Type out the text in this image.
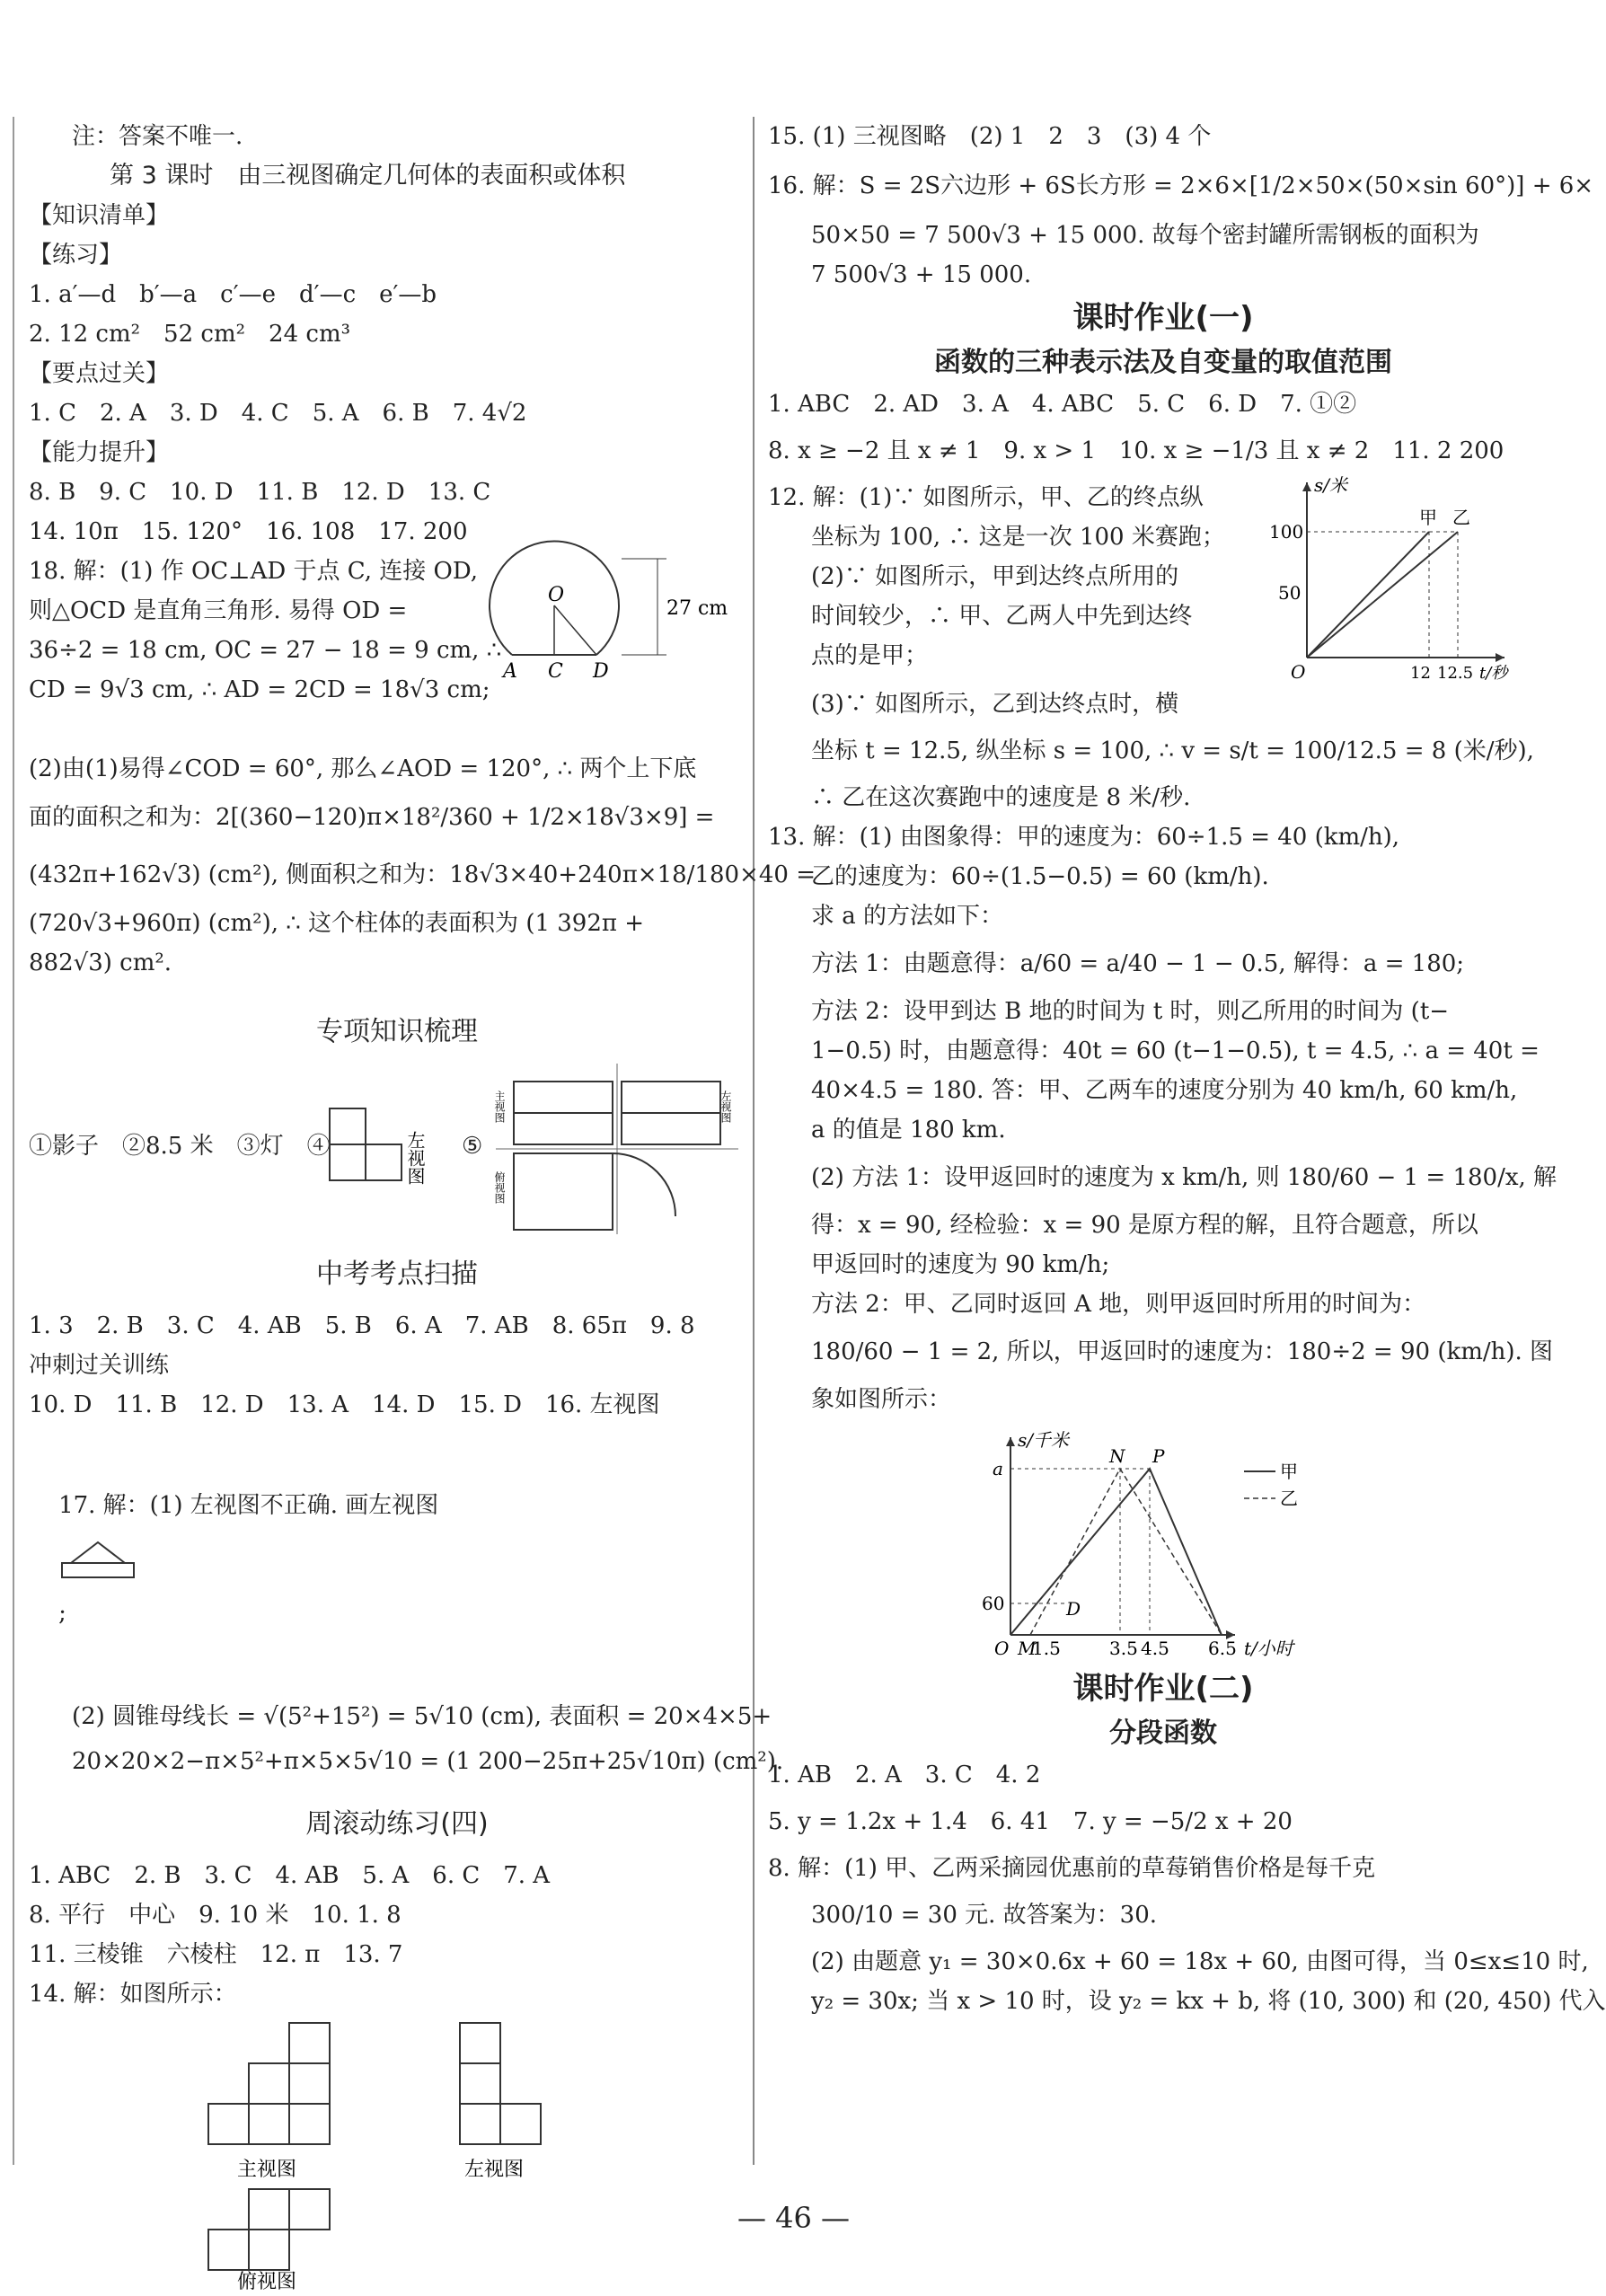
注：答案不唯一.
第 3 课时　由三视图确定几何体的表面积或体积
【知识清单】
【练习】
1. a′—d　b′—a　c′—e　d′—c　e′—b
2. 12 cm²　52 cm²　24 cm³
【要点过关】
1. C　2. A　3. D　4. C　5. A　6. B　7. 4√2
【能力提升】
8. B　9. C　10. D　11. B　12. D　13. C
14. 10π　15. 120°　16. 108　17. 200
18. 解：(1) 作 OC⊥AD 于点 C, 连接 OD,
则△OCD 是直角三角形. 易得 OD =
36÷2 = 18 cm, OC = 27 − 18 = 9 cm, ∴
CD = 9√3 cm, ∴ AD = 2CD = 18√3 cm;
O
A C D
27 cm
(2)由(1)易得∠COD = 60°, 那么∠AOD = 120°, ∴ 两个上下底
面的面积之和为：2[(360−120)π×18²/360 + 1/2×18√3×9] =
(432π+162√3) (cm²), 侧面积之和为：18√3×40+240π×18/180×40 =
(720√3+960π) (cm²), ∴ 这个柱体的表面积为 (1 392π +
882√3) cm².
专项知识梳理
①影子　②8.5 米　③灯　④	左视图 ⑤
主视图	左视图
俯视图
中考考点扫描
1. 3　2. B　3. C　4. AB　5. B　6. A　7. AB　8. 65π　9. 8
冲刺过关训练
10. D　11. B　12. D　13. A　14. D　15. D　16. 左视图

17. 解：(1) 左视图不正确. 画左视图

;

(2) 圆锥母线长 = √(5²+15²) = 5√10 (cm), 表面积 = 20×4×5+
20×20×2−π×5²+π×5×5√10 = (1 200−25π+25√10π) (cm²).
周滚动练习(四)
1. ABC　2. B　3. C　4. AB　5. A　6. C　7. A
8. 平行　中心　9. 10 米　10. 1. 8
11. 三棱锥　六棱柱　12. π　13. 7
14. 解：如图所示：
主视图	左视图
俯视图
15. (1) 三视图略　(2) 1　2　3　(3) 4 个
16. 解：S = 2S六边形 + 6S长方形 = 2×6×[1/2×50×(50×sin 60°)] + 6×
50×50 = 7 500√3 + 15 000. 故每个密封罐所需钢板的面积为
7 500√3 + 15 000.
课时作业(一)
函数的三种表示法及自变量的取值范围
1. ABC　2. AD　3. A　4. ABC　5. C　6. D　7. ①②
8. x ≥ −2 且 x ≠ 1　9. x > 1　10. x ≥ −1/3 且 x ≠ 2　11. 2 200
12. 解：(1)∵ 如图所示，甲、乙的终点纵
坐标为 100, ∴ 这是一次 100 米赛跑；
(2)∵ 如图所示，甲到达终点所用的
时间较少，∴ 甲、乙两人中先到达终
点的是甲；
s/米
100
50
O	12 12.5 t/秒
甲 乙
(3)∵ 如图所示，乙到达终点时，横
坐标 t = 12.5, 纵坐标 s = 100, ∴ v = s/t = 100/12.5 = 8 (米/秒),
∴ 乙在这次赛跑中的速度是 8 米/秒.
13. 解：(1) 由图象得：甲的速度为：60÷1.5 = 40 (km/h),
乙的速度为：60÷(1.5−0.5) = 60 (km/h).
求 a 的方法如下：
方法 1：由题意得：a/60 = a/40 − 1 − 0.5, 解得：a = 180;
方法 2：设甲到达 B 地的时间为 t 时，则乙所用的时间为 (t−
1−0.5) 时，由题意得：40t = 60 (t−1−0.5), t = 4.5, ∴ a = 40t =
40×4.5 = 180. 答：甲、乙两车的速度分别为 40 km/h, 60 km/h,
a 的值是 180 km.
(2) 方法 1：设甲返回时的速度为 x km/h, 则 180/60 − 1 = 180/x, 解
得：x = 90, 经检验：x = 90 是原方程的解，且符合题意，所以
甲返回时的速度为 90 km/h;
方法 2：甲、乙同时返回 A 地，则甲返回时所用的时间为：
180/60 − 1 = 2, 所以，甲返回时的速度为：180÷2 = 90 (km/h). 图
象如图所示：
s/千米
a
60
O M
1.5	3.5 4.5 6.5 t/小时
N P
D
甲
乙
课时作业(二)
分段函数
1. AB　2. A　3. C　4. 2
5. y = 1.2x + 1.4　6. 41　7. y = −5/2 x + 20
8. 解：(1) 甲、乙两采摘园优惠前的草莓销售价格是每千克
300/10 = 30 元. 故答案为：30.
(2) 由题意 y₁ = 30×0.6x + 60 = 18x + 60, 由图可得，当 0≤x≤10 时,
y₂ = 30x; 当 x > 10 时，设 y₂ = kx + b, 将 (10, 300) 和 (20, 450) 代入
— 46 —
